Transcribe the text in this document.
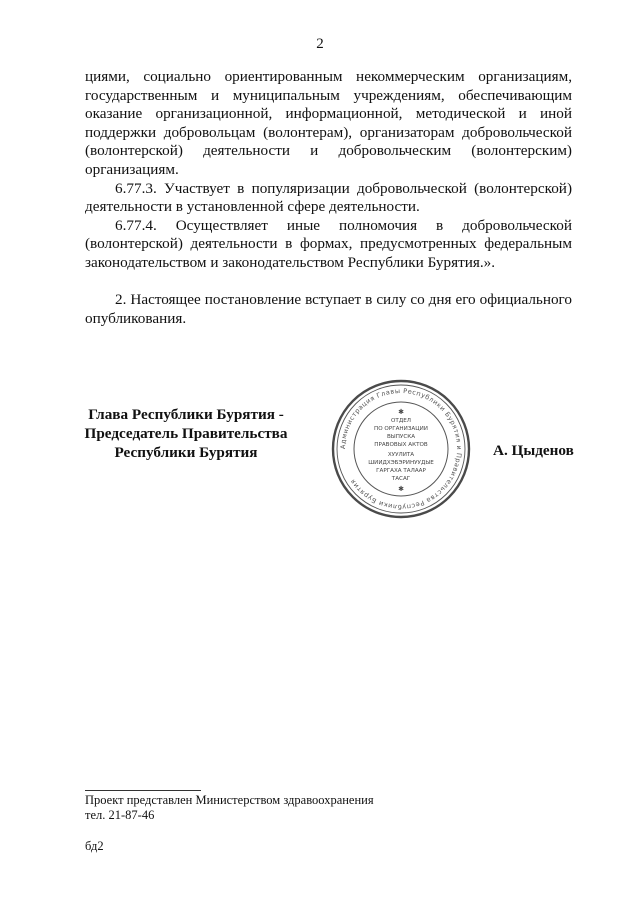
2

циями, социально ориентированным некоммерческим организациям, государственным и муниципальным учреждениям, обеспечивающим оказание организационной, информационной, методической и иной поддержки добровольцам (волонтерам), организаторам добровольческой (волонтерской) деятельности и добровольческим (волонтерским) организациям.

6.77.3. Участвует в популяризации добровольческой (волонтерской) деятельности в установленной сфере деятельности.

6.77.4. Осуществляет иные полномочия в добровольческой (волонтерской) деятельности в формах, предусмотренных федеральным законодательством и законодательством Республики Бурятия.».

2. Настоящее постановление вступает в силу со дня его официального опубликования.

Глава Республики Бурятия -
Председатель Правительства
Республики Бурятия	Администрация Главы Республики Бурятия и Правительства Республики Бурятия
ОТДЕЛ
ПО ОРГАНИЗАЦИИ
ВЫПУСКА
ПРАВОВЫХ АКТОВ
ХУУЛИТА
ШИИДХЭБЭРИНУУДЫЕ
ГАРГАХА ТАЛААР
ТАСАГ
✱
✱
А. Цыденов
Проект представлен Министерством здравоохранения
тел. 21-87-46
бд2
